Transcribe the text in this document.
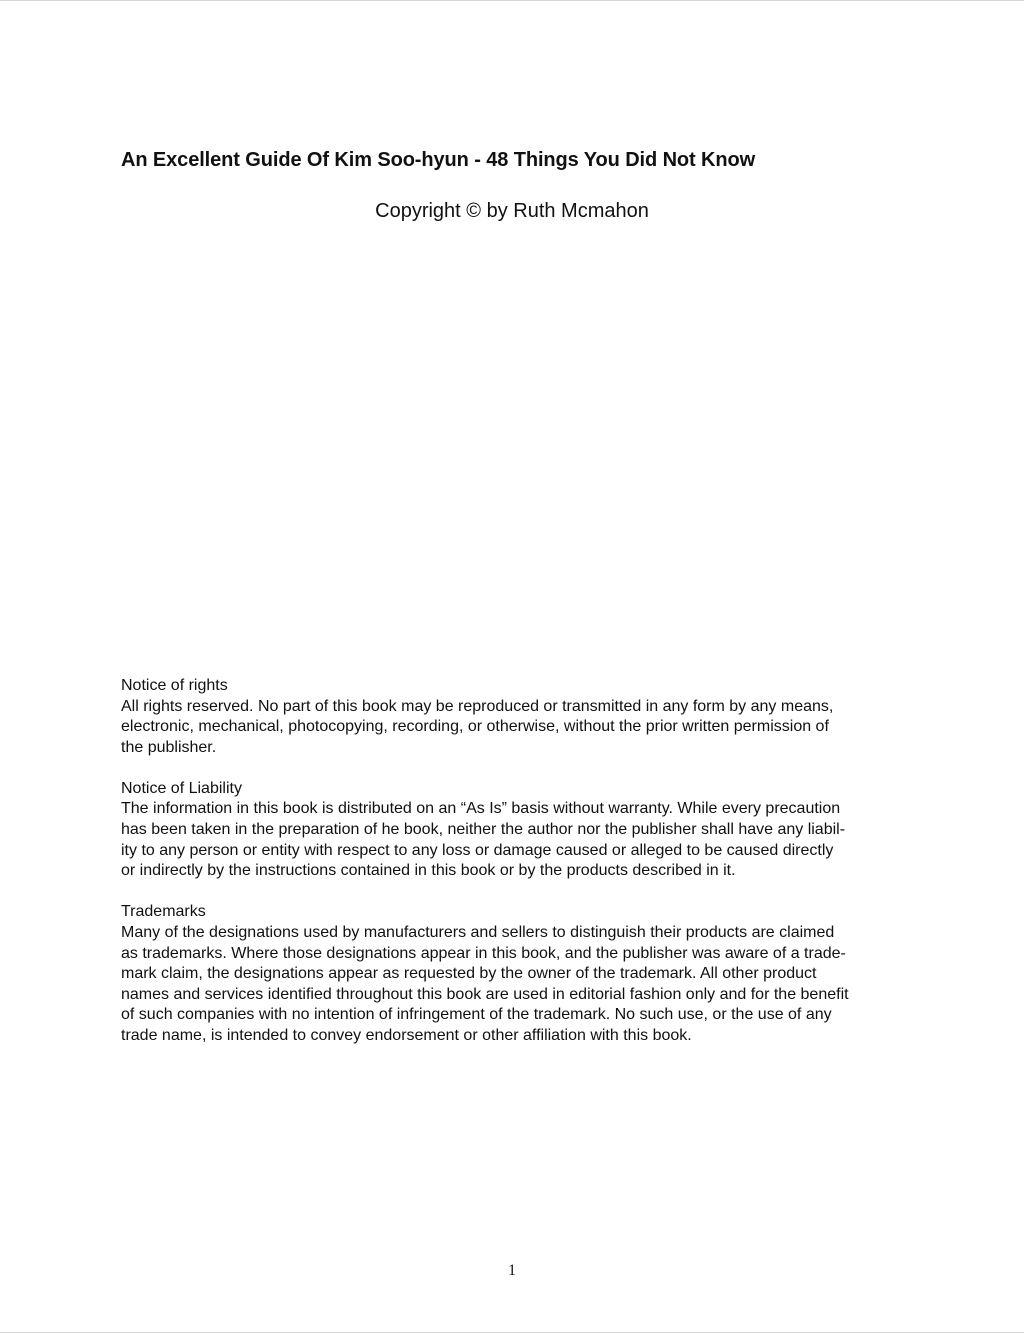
An Excellent Guide Of Kim Soo-hyun - 48 Things You Did Not Know
Copyright © by Ruth Mcmahon
Notice of rights
All rights reserved. No part of this book may be reproduced or transmitted in any form by any means,
electronic, mechanical, photocopying, recording, or otherwise, without the prior written permission of
the publisher.
Notice of Liability
The information in this book is distributed on an “As Is” basis without warranty. While every precaution
has been taken in the preparation of he book, neither the author nor the publisher shall have any liabil-
ity to any person or entity with respect to any loss or damage caused or alleged to be caused directly
or indirectly by the instructions contained in this book or by the products described in it.
Trademarks
Many of the designations used by manufacturers and sellers to distinguish their products are claimed
as trademarks. Where those designations appear in this book, and the publisher was aware of a trade-
mark claim, the designations appear as requested by the owner of the trademark. All other product
names and services identified throughout this book are used in editorial fashion only and for the benefit
of such companies with no intention of infringement of the trademark. No such use, or the use of any
trade name, is intended to convey endorsement or other affiliation with this book.
1
